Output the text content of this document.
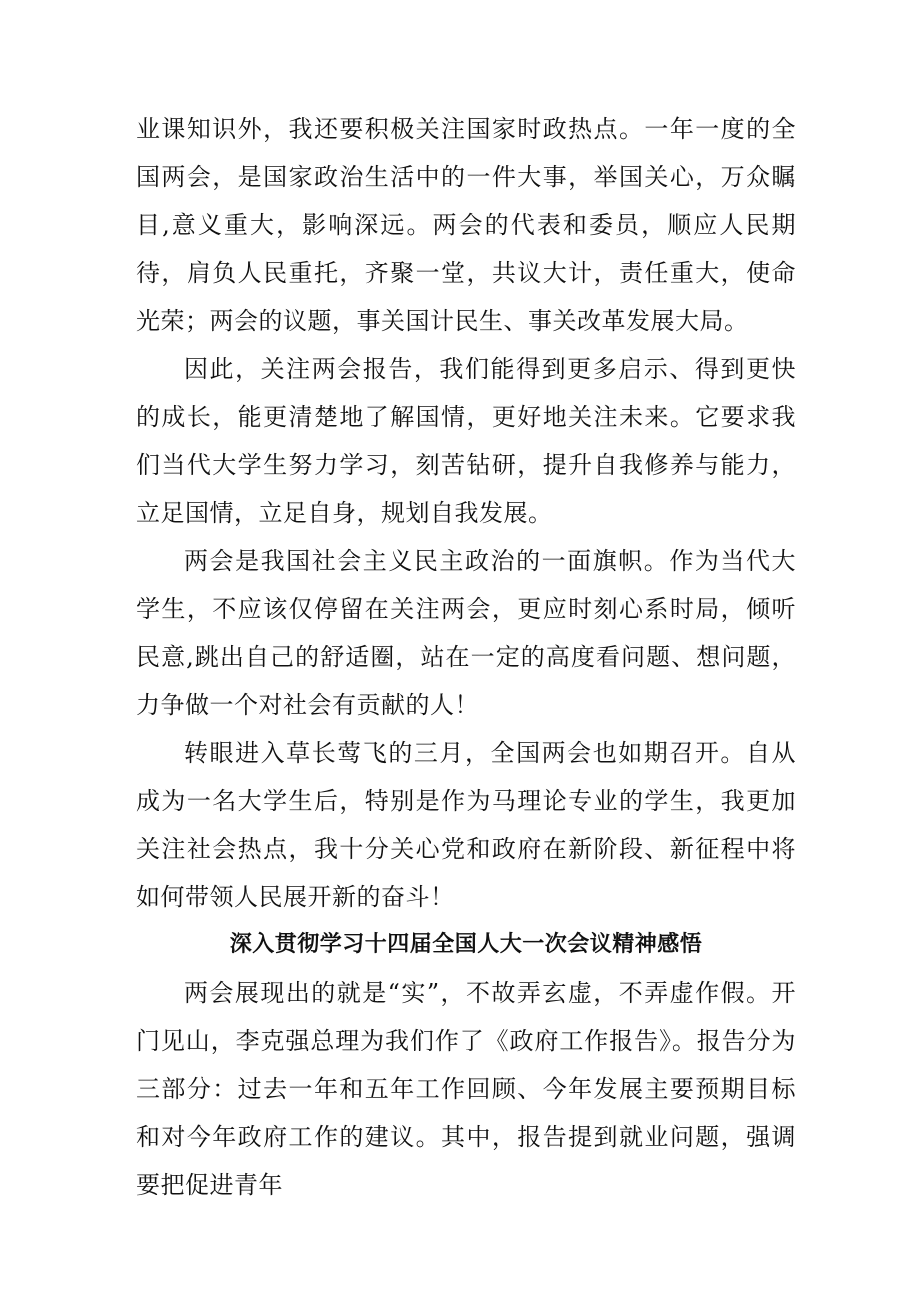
业课知识外，我还要积极关注国家时政热点。一年一度的全国两会，是国家政治生活中的一件大事，举国关心，万众瞩目,意义重大，影响深远。两会的代表和委员，顺应人民期待，肩负人民重托，齐聚一堂，共议大计，责任重大，使命光荣；两会的议题，事关国计民生、事关改革发展大局。

因此，关注两会报告，我们能得到更多启示、得到更快的成长，能更清楚地了解国情，更好地关注未来。它要求我们当代大学生努力学习，刻苦钻研，提升自我修养与能力，立足国情，立足自身，规划自我发展。

两会是我国社会主义民主政治的一面旗帜。作为当代大学生，不应该仅停留在关注两会，更应时刻心系时局，倾听民意,跳出自己的舒适圈，站在一定的高度看问题、想问题，力争做一个对社会有贡献的人！

转眼进入草长莺飞的三月，全国两会也如期召开。自从成为一名大学生后，特别是作为马理论专业的学生，我更加关注社会热点，我十分关心党和政府在新阶段、新征程中将如何带领人民展开新的奋斗！

深入贯彻学习十四届全国人大一次会议精神感悟

两会展现出的就是“实”，不故弄玄虚，不弄虚作假。开门见山，李克强总理为我们作了《政府工作报告》。报告分为三部分：过去一年和五年工作回顾、今年发展主要预期目标和对今年政府工作的建议。其中，报告提到就业问题，强调要把促进青年
